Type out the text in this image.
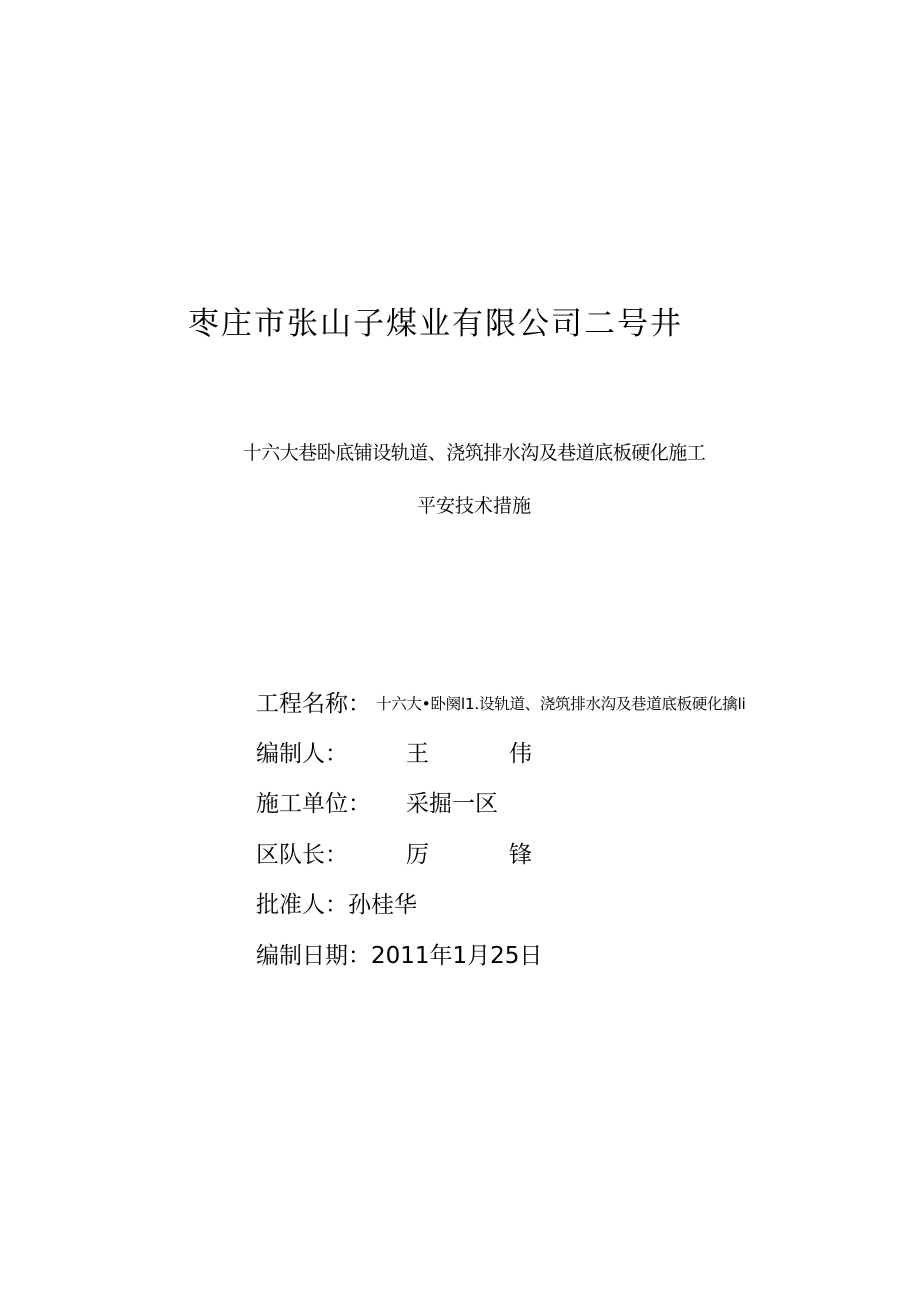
枣庄市张山子煤业有限公司二号井
十六大巷卧底铺设轨道、浇筑排水沟及巷道底板硬化施工
平安技术措施
工程名称： 十六大•卧阕l1.设轨道、浇筑排水沟及巷道底板硬化擒li
编制人：	王	伟
施工单位： 采掘一区
区队长：	厉	锋
批准人：孙桂华
编制日期：2011年1月25日
